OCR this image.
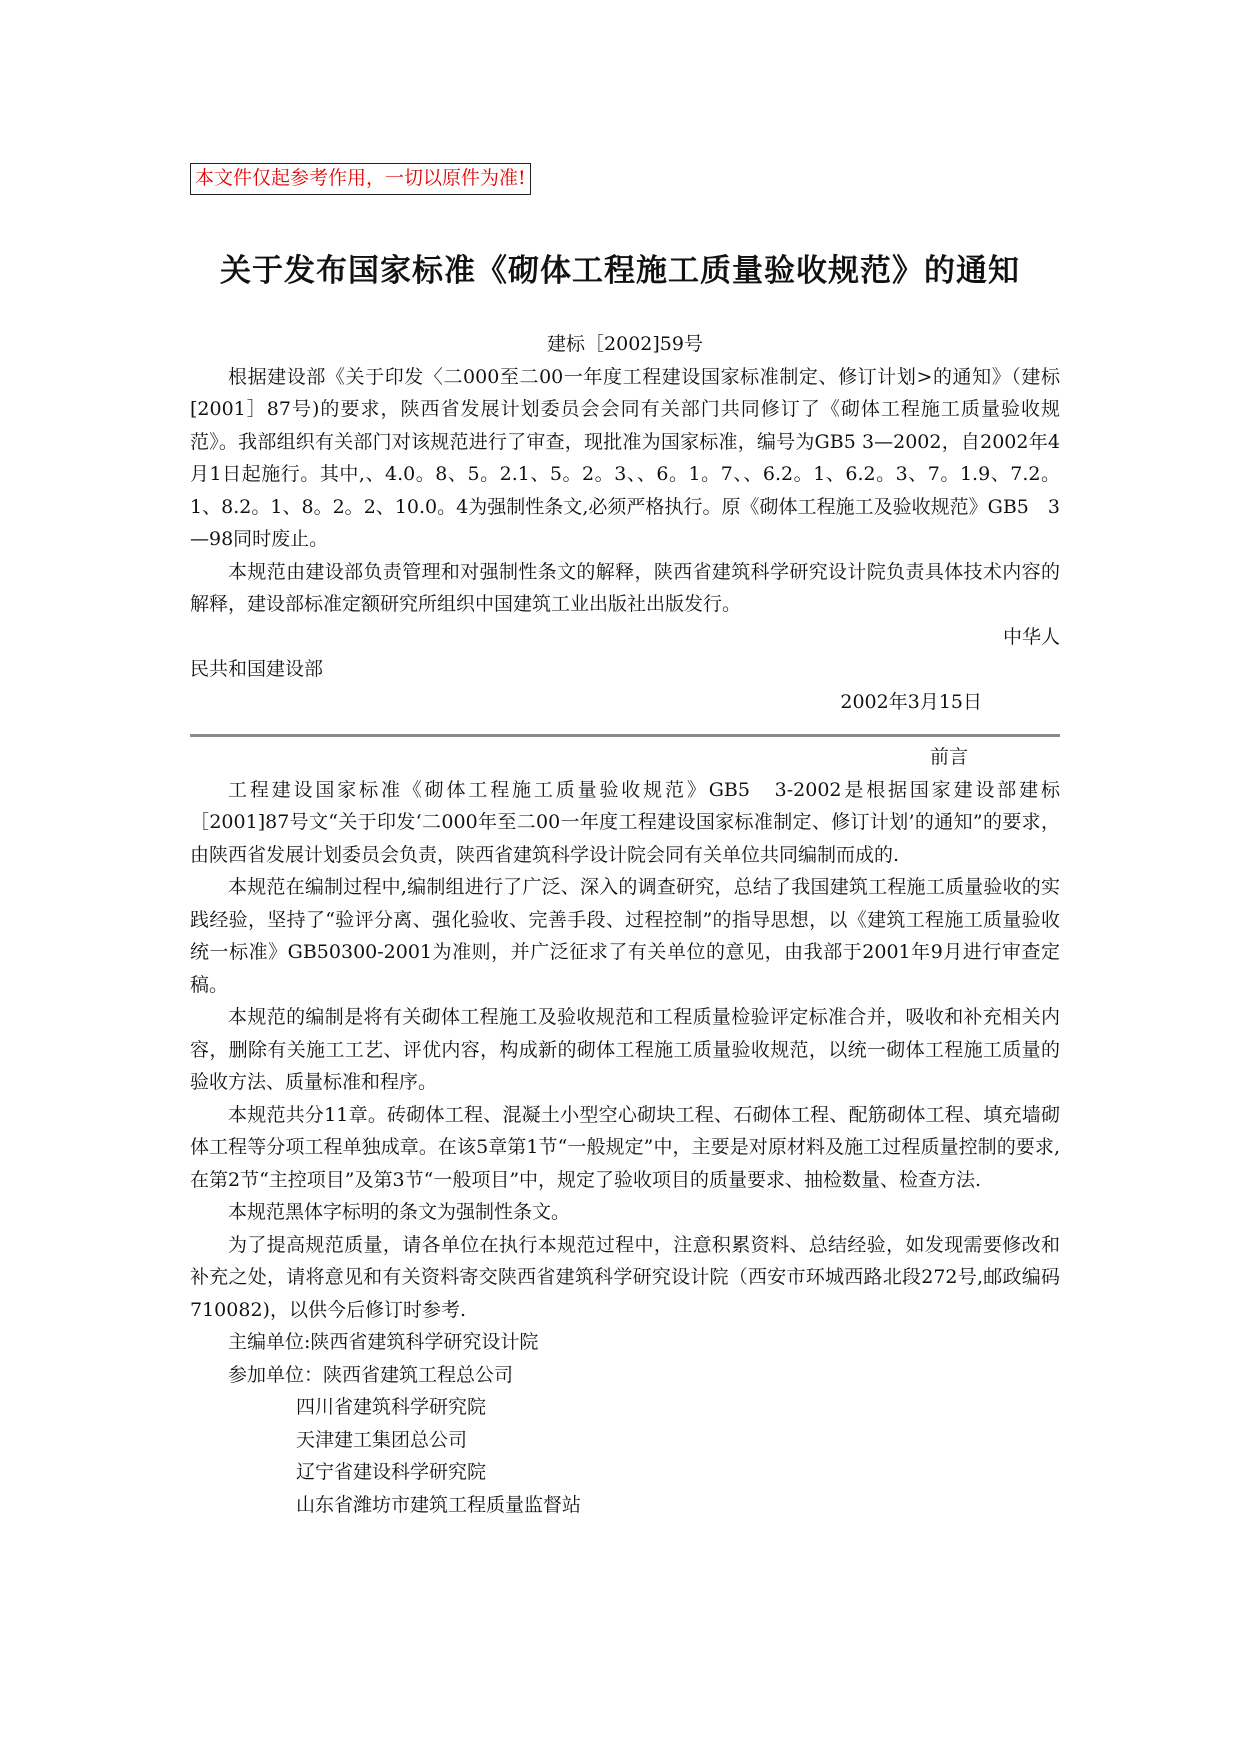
本文件仅起参考作用，一切以原件为准!
关于发布国家标准《砌体工程施工质量验收规范》的通知

建标［2002]59号

根据建设部《关于印发〈二000至二00一年度工程建设国家标准制定、修订计划>的通知》（建标[2001］87号)的要求，陕西省发展计划委员会会同有关部门共同修订了《砌体工程施工质量验收规范》。我部组织有关部门对该规范进行了审查，现批准为国家标准，编号为GB5 3—2002，自2002年4月1日起施行。其中,、4.0。8、5。2.1、5。2。3、、6。1。7、、6.2。1、6.2。3、7。1.9、7.2。1、8.2。1、8。2。2、10.0。4为强制性条文,必须严格执行。原《砌体工程施工及验收规范》GB5　3—98同时废止。

本规范由建设部负责管理和对强制性条文的解释，陕西省建筑科学研究设计院负责具体技术内容的解释，建设部标准定额研究所组织中国建筑工业出版社出版发行。

中华人

民共和国建设部

2002年3月15日

前言

工程建设国家标准《砌体工程施工质量验收规范》GB5　3-2002是根据国家建设部建标［2001]87号文“关于印发‘二000年至二00一年度工程建设国家标准制定、修订计划’的通知”的要求，由陕西省发展计划委员会负责，陕西省建筑科学设计院会同有关单位共同编制而成的.

本规范在编制过程中,编制组进行了广泛、深入的调查研究，总结了我国建筑工程施工质量验收的实践经验，坚持了“验评分离、强化验收、完善手段、过程控制”的指导思想，以《建筑工程施工质量验收统一标准》GB50300-2001为准则，并广泛征求了有关单位的意见，由我部于2001年9月进行审查定稿。

本规范的编制是将有关砌体工程施工及验收规范和工程质量检验评定标准合并，吸收和补充相关内容，删除有关施工工艺、评优内容，构成新的砌体工程施工质量验收规范，以统一砌体工程施工质量的验收方法、质量标准和程序。

本规范共分11章。砖砌体工程、混凝土小型空心砌块工程、石砌体工程、配筋砌体工程、填充墙砌体工程等分项工程单独成章。在该5章第1节“一般规定”中，主要是对原材料及施工过程质量控制的要求,在第2节“主控项目”及第3节“一般项目”中，规定了验收项目的质量要求、抽检数量、检查方法.

本规范黑体字标明的条文为强制性条文。

为了提高规范质量，请各单位在执行本规范过程中，注意积累资料、总结经验，如发现需要修改和补充之处，请将意见和有关资料寄交陕西省建筑科学研究设计院（西安市环城西路北段272号,邮政编码710082)，以供今后修订时参考.

主编单位:陕西省建筑科学研究设计院

参加单位：陕西省建筑工程总公司

四川省建筑科学研究院

天津建工集团总公司

辽宁省建设科学研究院

山东省潍坊市建筑工程质量监督站
